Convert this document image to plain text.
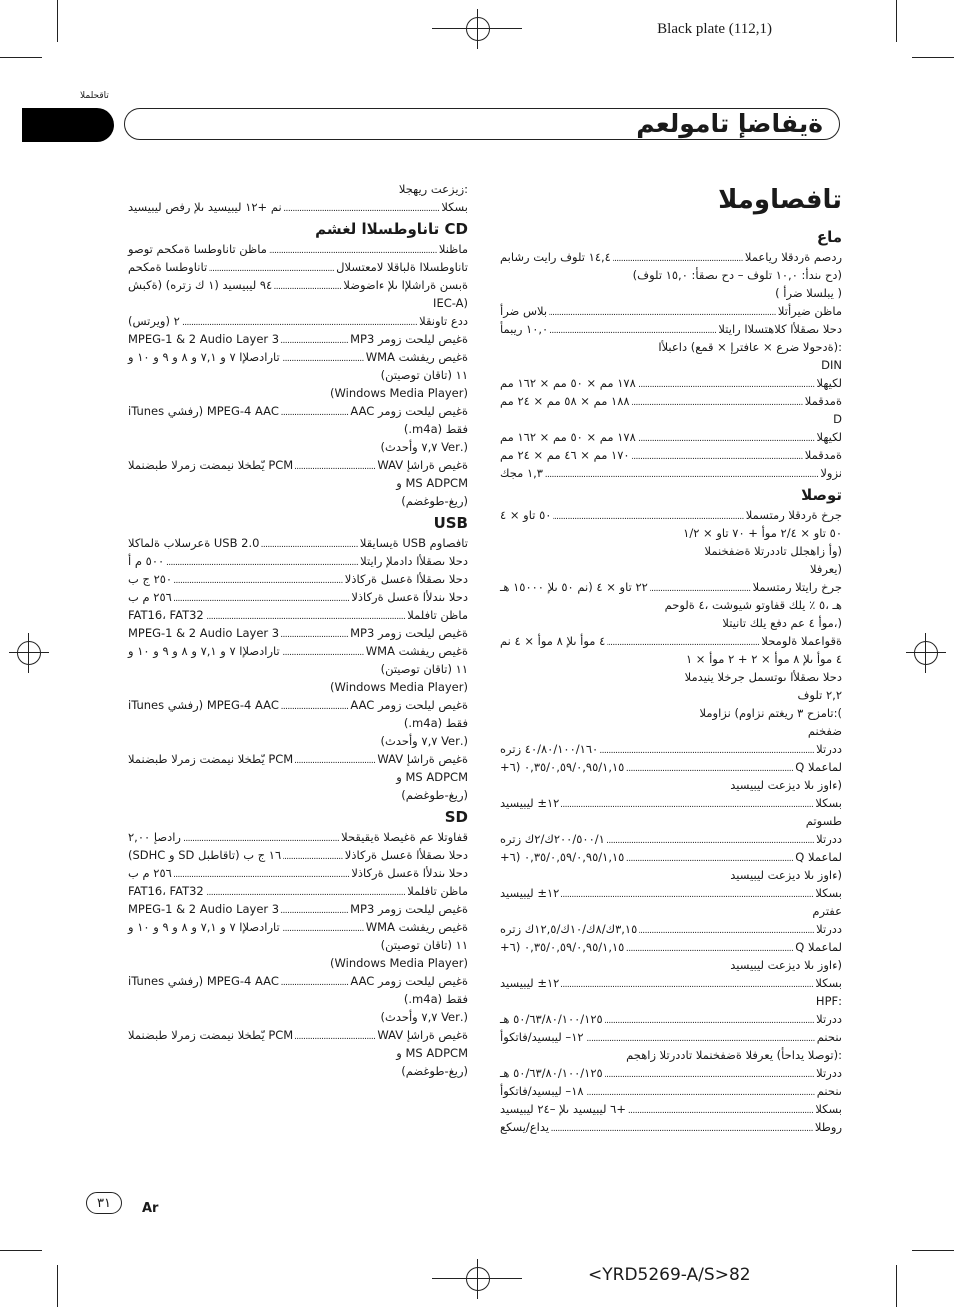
Black plate (112,1)
تاقحلملا
ةيفاضإ تامولعم
تافصاوملا
ماع
ردصم ةردقلا رياعملا
.....
١٤,٤ تلوف رايت رشابم
(دح ىندأ: ١٠,٠ تلوف – دح ىصقأ: ١٥,٠ تلوف)
( يبلسلا ضرأ )
ماظن ضيرأتلا
.....
بلاس ضرأ
دحلا ىصقلأا كلاهتسلاا رايتلا
.....
١٠,٠ ريبمأ
:(ةدحولا ضرع × عافترإ × قمع) داعبلأا
DIN
لكيهلا
.....
١٧٨ مم × ٥٠ مم × ١٦٢ مم
ةمدقملا
.....
١٨٨ مم × ٥٨ مم × ٢٤ مم
D
لكيهلا
.....
١٧٨ مم × ٥٠ مم × ١٦٢ مم
ةمدقملا
.....
١٧٠ مم × ٤٦ مم × ٢٤ مم
نزولا
.....
١,٣ مجك
توصلا
جرخ ةردقلا رمتسملا
.....
٥٠ تاو × ٤
٥٠ تاو × ٢/٤ موأ + ٧٠ تاو × ١/٢
(وأ زاهجلل تاددرتلا ةضفخنملا
(يعرفلا
جرخ رايتلا رمتسملا
.....
٢٢ تاو × ٤ (نم ٥٠ ىلإ ١٥٠٠٠ هـ
هـ ،٥ ٪ يلك قفاوتو شيوشت ،٤ ةلوحم
(،موأ ٤ عم دفع يلك تانيتلا
ةقواعملا ةلومحلا
.....
٤ موأ ىلإ ٨ موأ × ٤ نم
٤ موأ ىلإ ٨ موأ × ٢ + ٢ موأ × ١
دحلا ىصقلأا ىوتسمل جرخلا ينيدملا
٢,٢ تلوف
):تامزح ٣ ريغتم نزاوم) نزاوملا
ضفخنم
ددرتلا
.....
٤٠/٨٠/١٠٠/١٦٠ زتره
لماعملا Q
.....
٠,٣٥/٠,٥٩/٠,٩٥/١,١٥ (٦+
(ءاوز ىلا ديزعت ليبيسيد
بسكلا
.....
١٢± ليبيسيد
طسوتم
ددرتلا
.....
٢٠٠/٥٠٠/١ك/٢ك زتره
لماعملا Q
.....
٠,٣٥/٠,٥٩/٠,٩٥/١,١٥ (٦+
(ءاوز ىلا ديزعت ليبيسيد
بسكلا
.....
١٢± ليبيسيد
عفترم
ددرتلا
.....
٣,١٥ك/٨ك/١٠ك/١٢,٥ك زتره
لماعملا Q
.....
٠,٣٥/٠,٥٩/٠,٩٥/١,١٥ (٦+
(ءاوز ىلا ديزعت ليبيسيد
بسكلا
.....
١٢± ليبيسيد
:HPF
ددرتلا
.....
٥٠/٦٣/٨٠/١٠٠/١٢٥ هـ
ىنحنم
.....
١٢– ليبسيد/فاتكوأ
:(توصلا يداحأ) يعرفلا ةضفخنملا تاددرتلا زاهجم
ددرتلا
.....
٥٠/٦٣/٨٠/١٠٠/١٢٥ هـ
ىنحنم
.....
١٨– ليبسيد/فاتكوأ
بسكلا
.....
+٦ ليبيسيد ىلإ –٢٤ ليبيسيد
روطلا
.....
يداع/يسكع
:زيزعت ريهجلا
بسكلا
.....
نم +١٢ ليبيسيد ىلإ رفص ليبيسيد
CD تاناوطسلاا لغشم
ماظنلا
.....
ماظن تاناوطسا ةمكحم توصو
تاناوطسلاا ةلباقلا لامعتسلال
.....
تاناوطسا ةمكحم
ةبسن ةراشلإا ىلإ ءاضوضلا
.....
٩٤ ليبيسيد (١ ك زتره) (ةكبش
(IEC-A
ددع تاونقلا
.....
٢ (ويرتس)
ةغيص ليلحت زومر MP3
.....
MPEG-1 & 2 Audio Layer 3
ةغيص ريفشت WMA
.....
تارادصلإا ٧ و ٧,١ و ٨ و ٩ و ١٠ و
١١ (تاقان توصيتن)
(Windows Media Player)
ةغيص ليلحت زومر AAC
.....
MPEG-4 AAC (رفشي iTunes
فقط (m4a.)
(.Ver ٧,٧ وأحدث)
ةغيص ةراشإ WAV
.....
PCM يّطخلا نيمضت زمرلا طبضنملا
MS ADPCM و
(ريغ-طوغضم)
USB
تافصاوم USB ةيسايقلا
.....
USB 2.0 ةعرسلاب ةلماكلا
دحلا ىصقلأا دادملإ رايتلا
.....
٥٠٠ م أ
دحلا ىصقلأا ةعسل ةركاذلا
.....
٢٥٠ ج ب
دحلا ىندلأا ةعسل ةركاذلا
.....
٢٥٦ م ب
ماظن تافلملا
.....
FAT16، FAT32
ةغيص ليلحت زومر MP3
.....
MPEG-1 & 2 Audio Layer 3
ةغيص ريفشت WMA
.....
تارادصلإا ٧ و ٧,١ و ٨ و ٩ و ١٠ و
١١ (تاقان توصيتن)
(Windows Media Player)
ةغيص ليلحت زومر AAC
.....
MPEG-4 AAC (رفشي iTunes
فقط (m4a.)
(.Ver ٧,٧ وأحدث)
ةغيص ةراشإ WAV
.....
PCM يّطخلا نيمضت زمرلا طبضنملا
MS ADPCM و
(ريغ-طوغضم)
SD
قفاوتلا عم ةغيصلا ةيقيقحلا
.....
رادصإ ٢,٠٠
دحلا ىصقلأا ةعسل ةركاذلا
.....
١٦ ج ب (تاقاطبل SD و SDHC)
دحلا ىندلأا ةعسل ةركاذلا
.....
٢٥٦ م ب
ماظن تافلملا
.....
FAT16، FAT32
ةغيص ليلحت زومر MP3
.....
MPEG-1 & 2 Audio Layer 3
ةغيص ريفشت WMA
.....
تارادصلإا ٧ و ٧,١ و ٨ و ٩ و ١٠ و
١١ (تاقان توصيتن)
(Windows Media Player)
ةغيص ليلحت زومر AAC
.....
MPEG-4 AAC (رفشي iTunes
فقط (m4a.)
(.Ver ٧,٧ وأحدث)
ةغيص ةراشإ WAV
.....
PCM يّطخلا نيمضت زمرلا طبضنملا
MS ADPCM و
(ريغ-طوغضم)
٣١	Ar
<YRD5269-A/S>82
